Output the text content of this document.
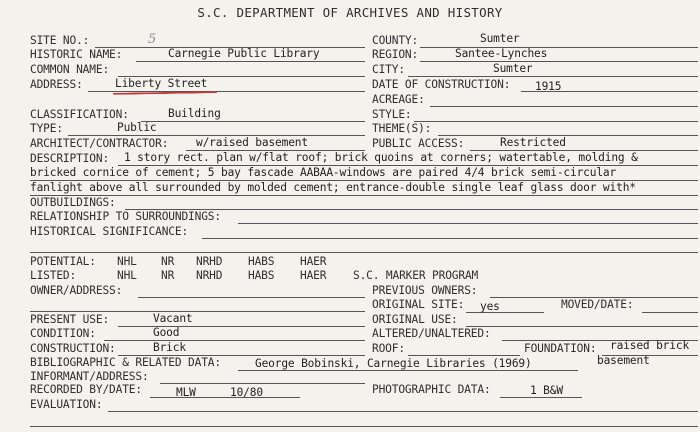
S.C. DEPARTMENT OF ARCHIVES AND HISTORY
SITE NO.:	5	COUNTY:	Sumter
HISTORIC NAME:	Carnegie Public Library	REGION:	Santee-Lynches
COMMON NAME:	CITY:	Sumter
ADDRESS:	Liberty Street	DATE OF CONSTRUCTION: 1915
ACREAGE:
CLASSIFICATION:	Building	STYLE:
TYPE:	Public	THEME(S):
ARCHITECT/CONTRACTOR: w/raised basement	PUBLIC ACCESS:	Restricted
DESCRIPTION: 1 story rect. plan w/flat roof; brick quoins at corners; watertable, molding &
bricked cornice of cement; 5 bay fascade AABAA-windows are paired 4/4 brick semi-circular
fanlight above all surrounded by molded cement; entrance-double single leaf glass door with*
OUTBUILDINGS:
RELATIONSHIP TO SURROUNDINGS:
HISTORICAL SIGNIFICANCE:
POTENTIAL: NHL NR NRHD HABS HAER
LISTED:	NHL NR NRHD HABS HAER S.C. MARKER PROGRAM
OWNER/ADDRESS:	PREVIOUS OWNERS:
ORIGINAL SITE: yes	MOVED/DATE:
PRESENT USE:	Vacant	ORIGINAL USE:
CONDITION:	Good	ALTERED/UNALTERED:
CONSTRUCTION:	Brick	ROOF:	FOUNDATION: raised brick
basement
BIBLIOGRAPHIC & RELATED DATA:	George Bobinski, Carnegie Libraries (1969)
INFORMANT/ADDRESS:
RECORDED BY/DATE:	MLW	10/80	PHOTOGRAPHIC DATA:	1 B&W
EVALUATION:
